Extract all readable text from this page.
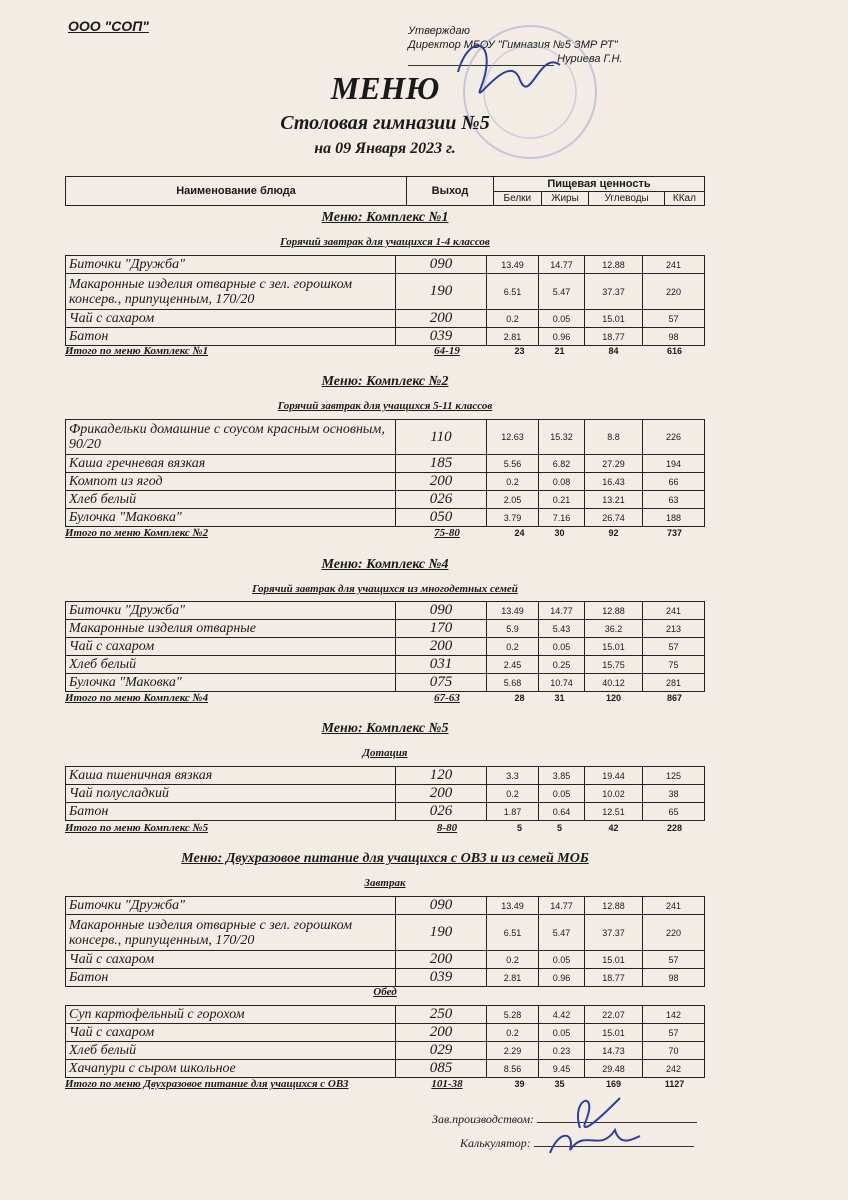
ООО "СОП"	Утверждаю
Директор МБОУ "Гимназия №5 ЗМР РТ"
Нуриева Г.Н.
МЕНЮ
Столовая гимназии №5
на 09 Января 2023 г.
Наименование блюда	Выход	Пищевая ценность			
		Белки	Жиры	Углеводы	ККал
Меню: Комплекс №1
Горячий завтрак для учащихся 1-4 классов
Биточки "Дружба"	090	13.49	14.77	12.88	241
Макаронные изделия отварные с зел. горошком консерв., припущенным, 170/20	190	6.51	5.47	37.37	220
Чай с сахаром	200	0.2	0.05	15.01	57
Батон	039	2.81	0.96	18.77	98
Итого по меню Комплекс №1	64-19	23	21	84	616
Меню: Комплекс №2
Горячий завтрак для учащихся 5-11 классов
Фрикадельки домашние с соусом красным основным, 90/20	110	12.63	15.32	8.8	226
Каша гречневая вязкая	185	5.56	6.82	27.29	194
Компот из ягод	200	0.2	0.08	16.43	66
Хлеб белый	026	2.05	0.21	13.21	63
Булочка "Маковка"	050	3.79	7.16	26.74	188
Итого по меню Комплекс №2	75-80	24	30	92	737
Меню: Комплекс №4
Горячий завтрак для учащихся из многодетных семей
Биточки "Дружба"	090	13.49	14.77	12.88	241
Макаронные изделия отварные	170	5.9	5.43	36.2	213
Чай с сахаром	200	0.2	0.05	15.01	57
Хлеб белый	031	2.45	0.25	15.75	75
Булочка "Маковка"	075	5.68	10.74	40.12	281
Итого по меню Комплекс №4	67-63	28	31	120	867
Меню: Комплекс №5
Дотация
Каша пшеничная вязкая	120	3.3	3.85	19.44	125
Чай полусладкий	200	0.2	0.05	10.02	38
Батон	026	1.87	0.64	12.51	65
Итого по меню Комплекс №5	8-80	5	5	42	228
Меню: Двухразовое питание для учащихся с ОВЗ и из семей МОБ
Завтрак
Биточки "Дружба"	090	13.49	14.77	12.88	241
Макаронные изделия отварные с зел. горошком консерв., припущенным, 170/20	190	6.51	5.47	37.37	220
Чай с сахаром	200	0.2	0.05	15.01	57
Батон	039	2.81	0.96	18.77	98
Обед
Суп картофельный с горохом	250	5.28	4.42	22.07	142
Чай с сахаром	200	0.2	0.05	15.01	57
Хлеб белый	029	2.29	0.23	14.73	70
Хачапури с сыром школьное	085	8.56	9.45	29.48	242
Итого по меню Двухразовое питание для учащихся с ОВЗ	101-38	39	35	169	1127
Зав.производством:
Калькулятор:
